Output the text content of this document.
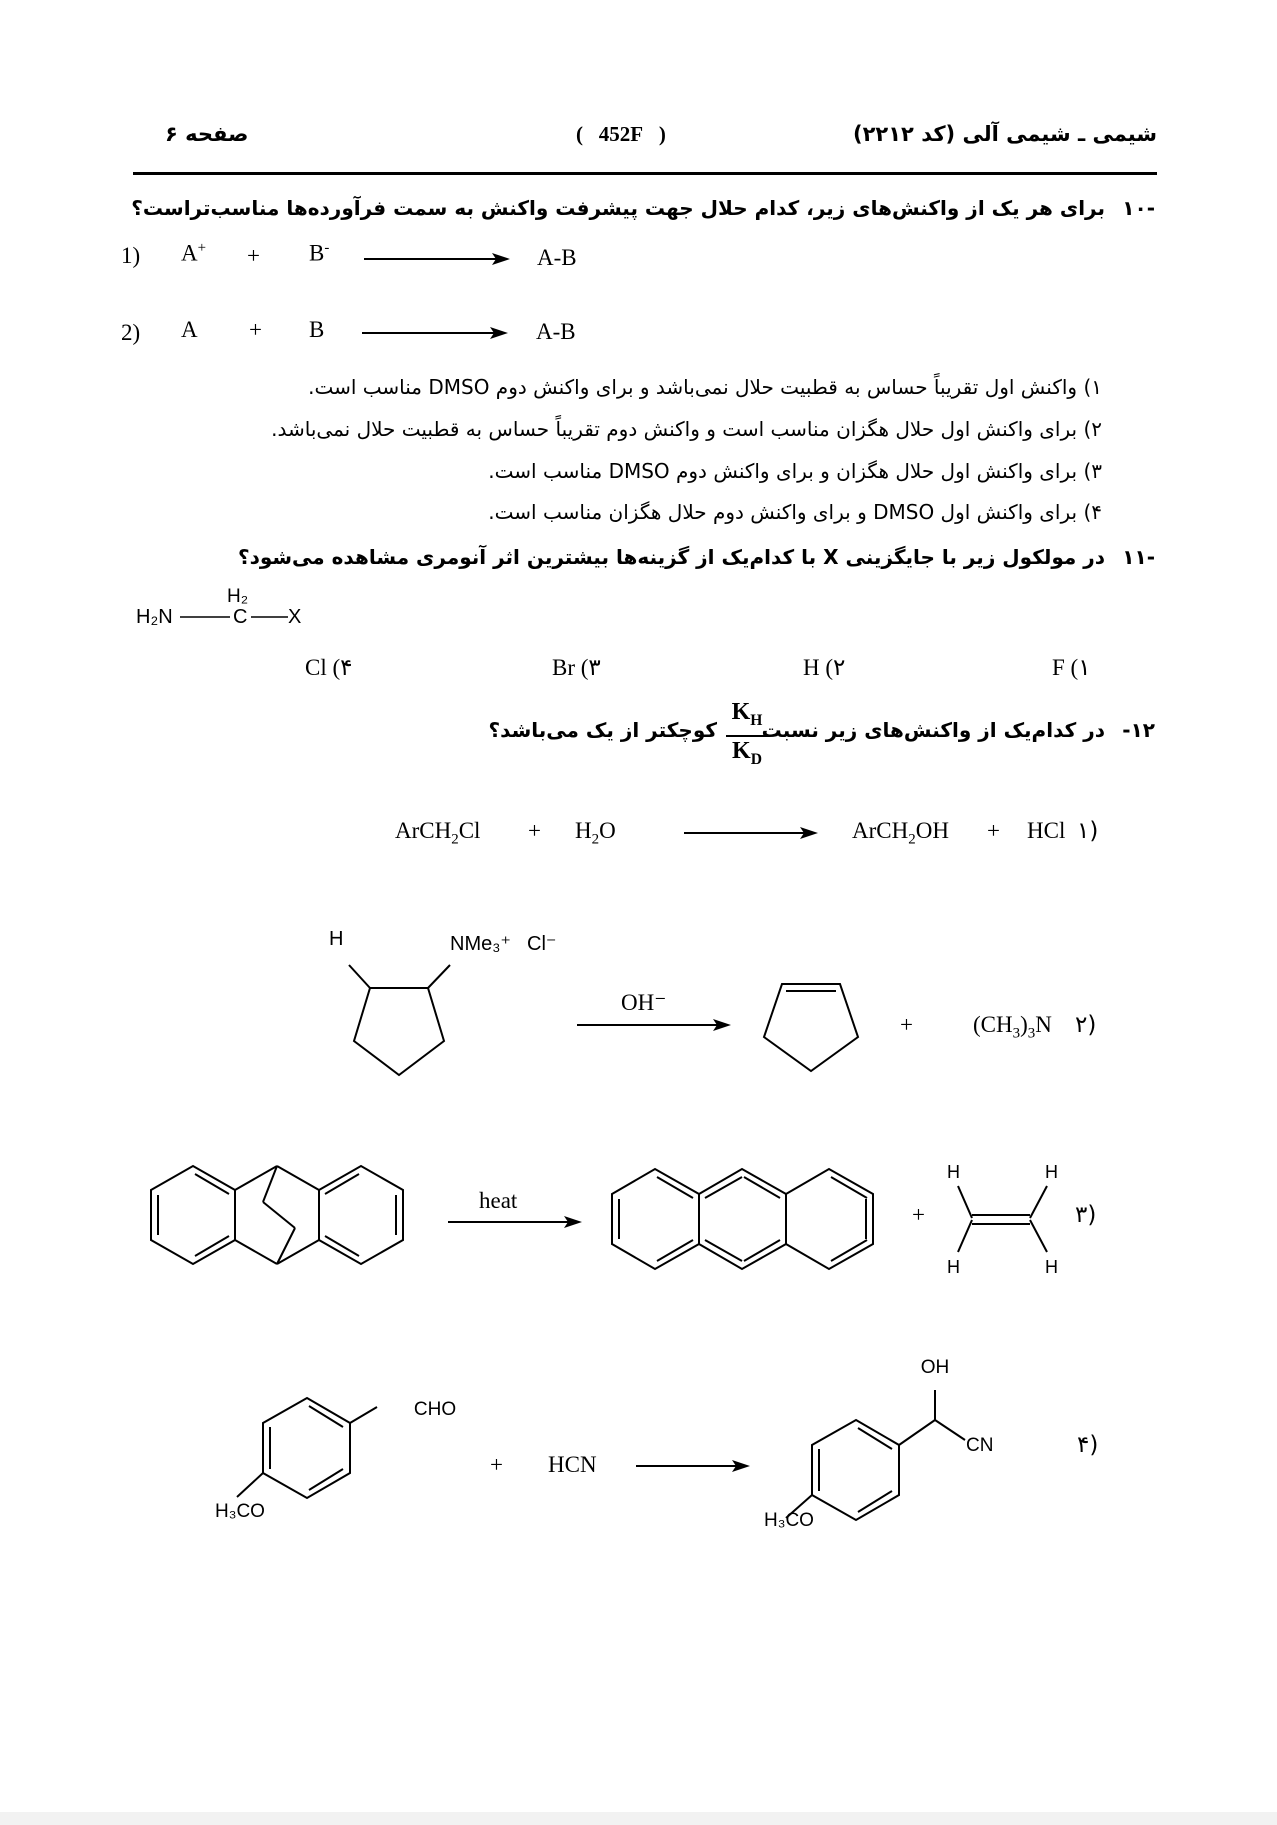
صفحه ۶	(   452F   )	شیمی ـ شیمی آلی (کد ۲۲۱۲)
۱۰-
برای هر یک از واکنش‌های زیر، کدام حلال جهت پیشرفت واکنش به سمت فرآورده‌ها مناسب‌تراست؟
1) A+ + B-	A-B
2) A + B	A-B
۱) واکنش اول تقریباً حساس به قطبیت حلال نمی‌باشد و برای واکنش دوم DMSO مناسب است.
۲) برای واکنش اول حلال هگزان مناسب است و واکنش دوم تقریباً حساس به قطبیت حلال نمی‌باشد.
۳) برای واکنش اول حلال هگزان و برای واکنش دوم DMSO مناسب است.
۴) برای واکنش اول DMSO و برای واکنش دوم حلال هگزان مناسب است.
۱۱-
در مولکول زیر با جایگزینی X با کدام‌یک از گزینه‌ها بیشترین اثر آنومری مشاهده می‌شود؟
H₂N
H₂
C X
F (۱
H (۲
Br (۳
Cl (۴
-۱۲
در کدام‌یک از واکنش‌های زیر نسبت
$\frac{K_H}{K_D}$
کوچکتر از یک می‌باشد؟
ArCH$_2$Cl + $H_2O$	ArCH$_2$OH + HCl ۱)
H	NMe₃⁺ Cl⁻
OH⁻
+	$(CH_3)_3N$ ۲)
heat
+
H	H
H	H
۳)
CHO
H₃CO
+ HCN
OH
CN
H₃CO
۴)
